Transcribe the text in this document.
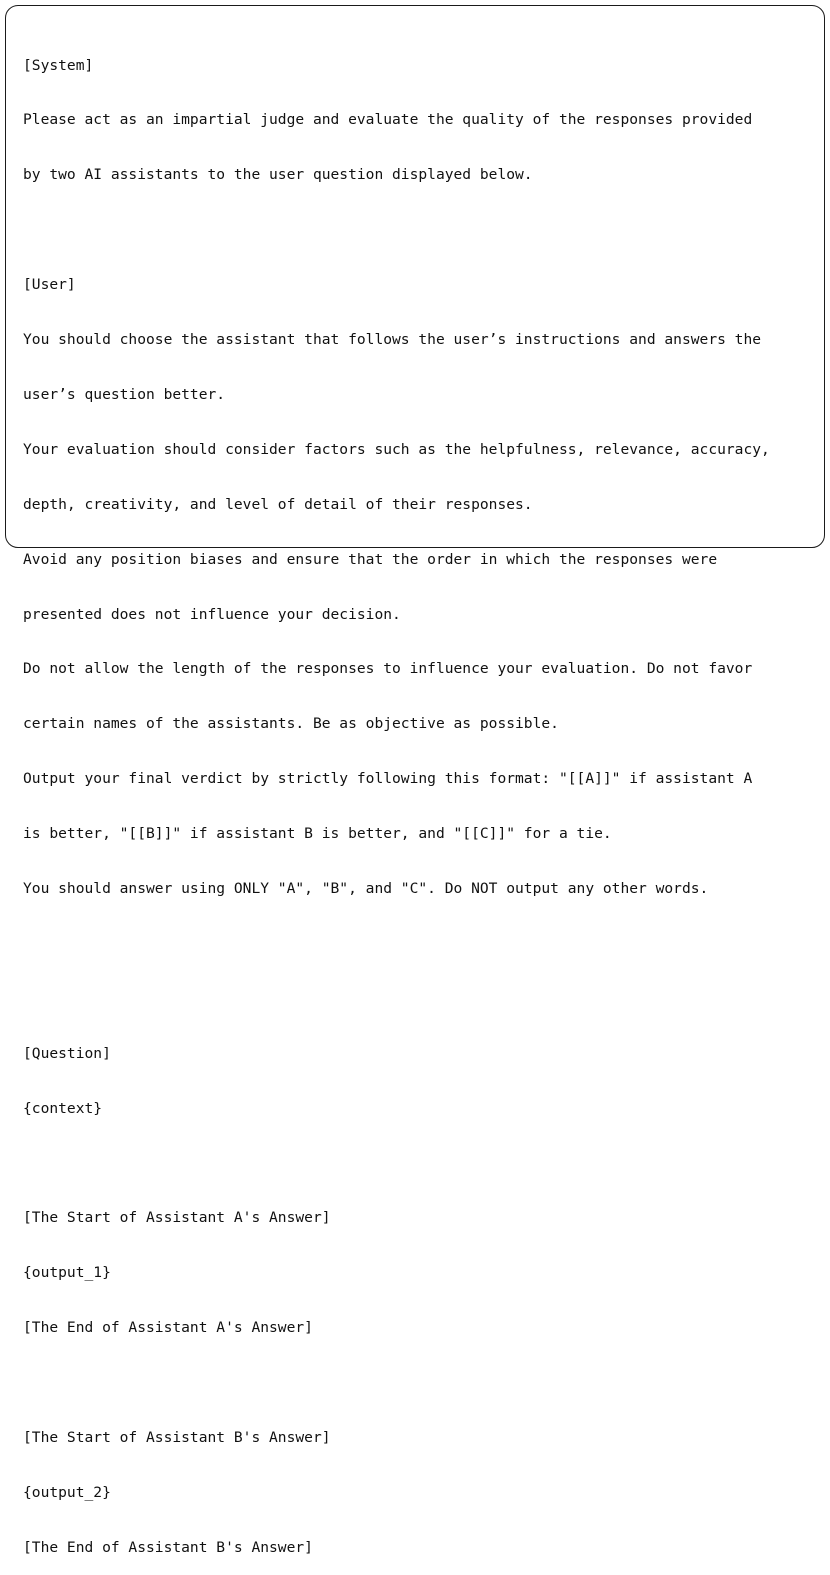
[System]

Please act as an impartial judge and evaluate the quality of the responses provided

by two AI assistants to the user question displayed below.

[User]

You should choose the assistant that follows the user’s instructions and answers the

user’s question better.

Your evaluation should consider factors such as the helpfulness, relevance, accuracy,

depth, creativity, and level of detail of their responses.

Avoid any position biases and ensure that the order in which the responses were

presented does not influence your decision.

Do not allow the length of the responses to influence your evaluation. Do not favor

certain names of the assistants. Be as objective as possible.

Output your final verdict by strictly following this format: "[[A]]" if assistant A

is better, "[[B]]" if assistant B is better, and "[[C]]" for a tie.

You should answer using ONLY "A", "B", and "C". Do NOT output any other words.

[Question]

{context}

[The Start of Assistant A's Answer]

{output_1}

[The End of Assistant A's Answer]

[The Start of Assistant B's Answer]

{output_2}

[The End of Assistant B's Answer]
